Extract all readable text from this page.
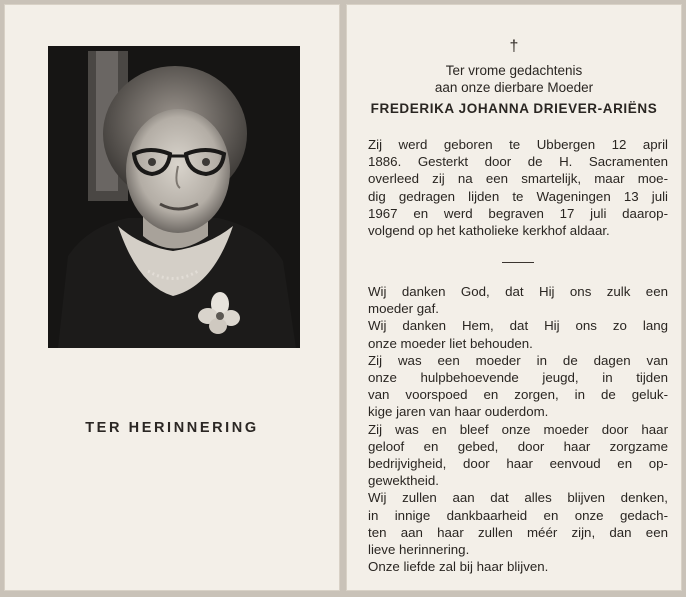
TER HERINNERING
†
Ter vrome gedachtenis
aan onze dierbare Moeder
FREDERIKA JOHANNA DRIEVER-ARIËNS
Zij werd geboren te Ubbergen 12 april
1886. Gesterkt door de H. Sacramenten
overleed zij na een smartelijk, maar moe-
dig gedragen lijden te Wageningen 13 juli
1967 en werd begraven 17 juli daarop-
volgend op het katholieke kerkhof aldaar.
Wij danken God, dat Hij ons zulk een
moeder gaf.
Wij danken Hem, dat Hij ons zo lang
onze moeder liet behouden.
Zij was een moeder in de dagen van
onze hulpbehoevende jeugd, in tijden
van voorspoed en zorgen, in de geluk-
kige jaren van haar ouderdom.
Zij was en bleef onze moeder door haar
geloof en gebed, door haar zorgzame
bedrijvigheid, door haar eenvoud en op-
gewektheid.
Wij zullen aan dat alles blijven denken,
in innige dankbaarheid en onze gedach-
ten aan haar zullen méér zijn, dan een
lieve herinnering.
Onze liefde zal bij haar blijven.
